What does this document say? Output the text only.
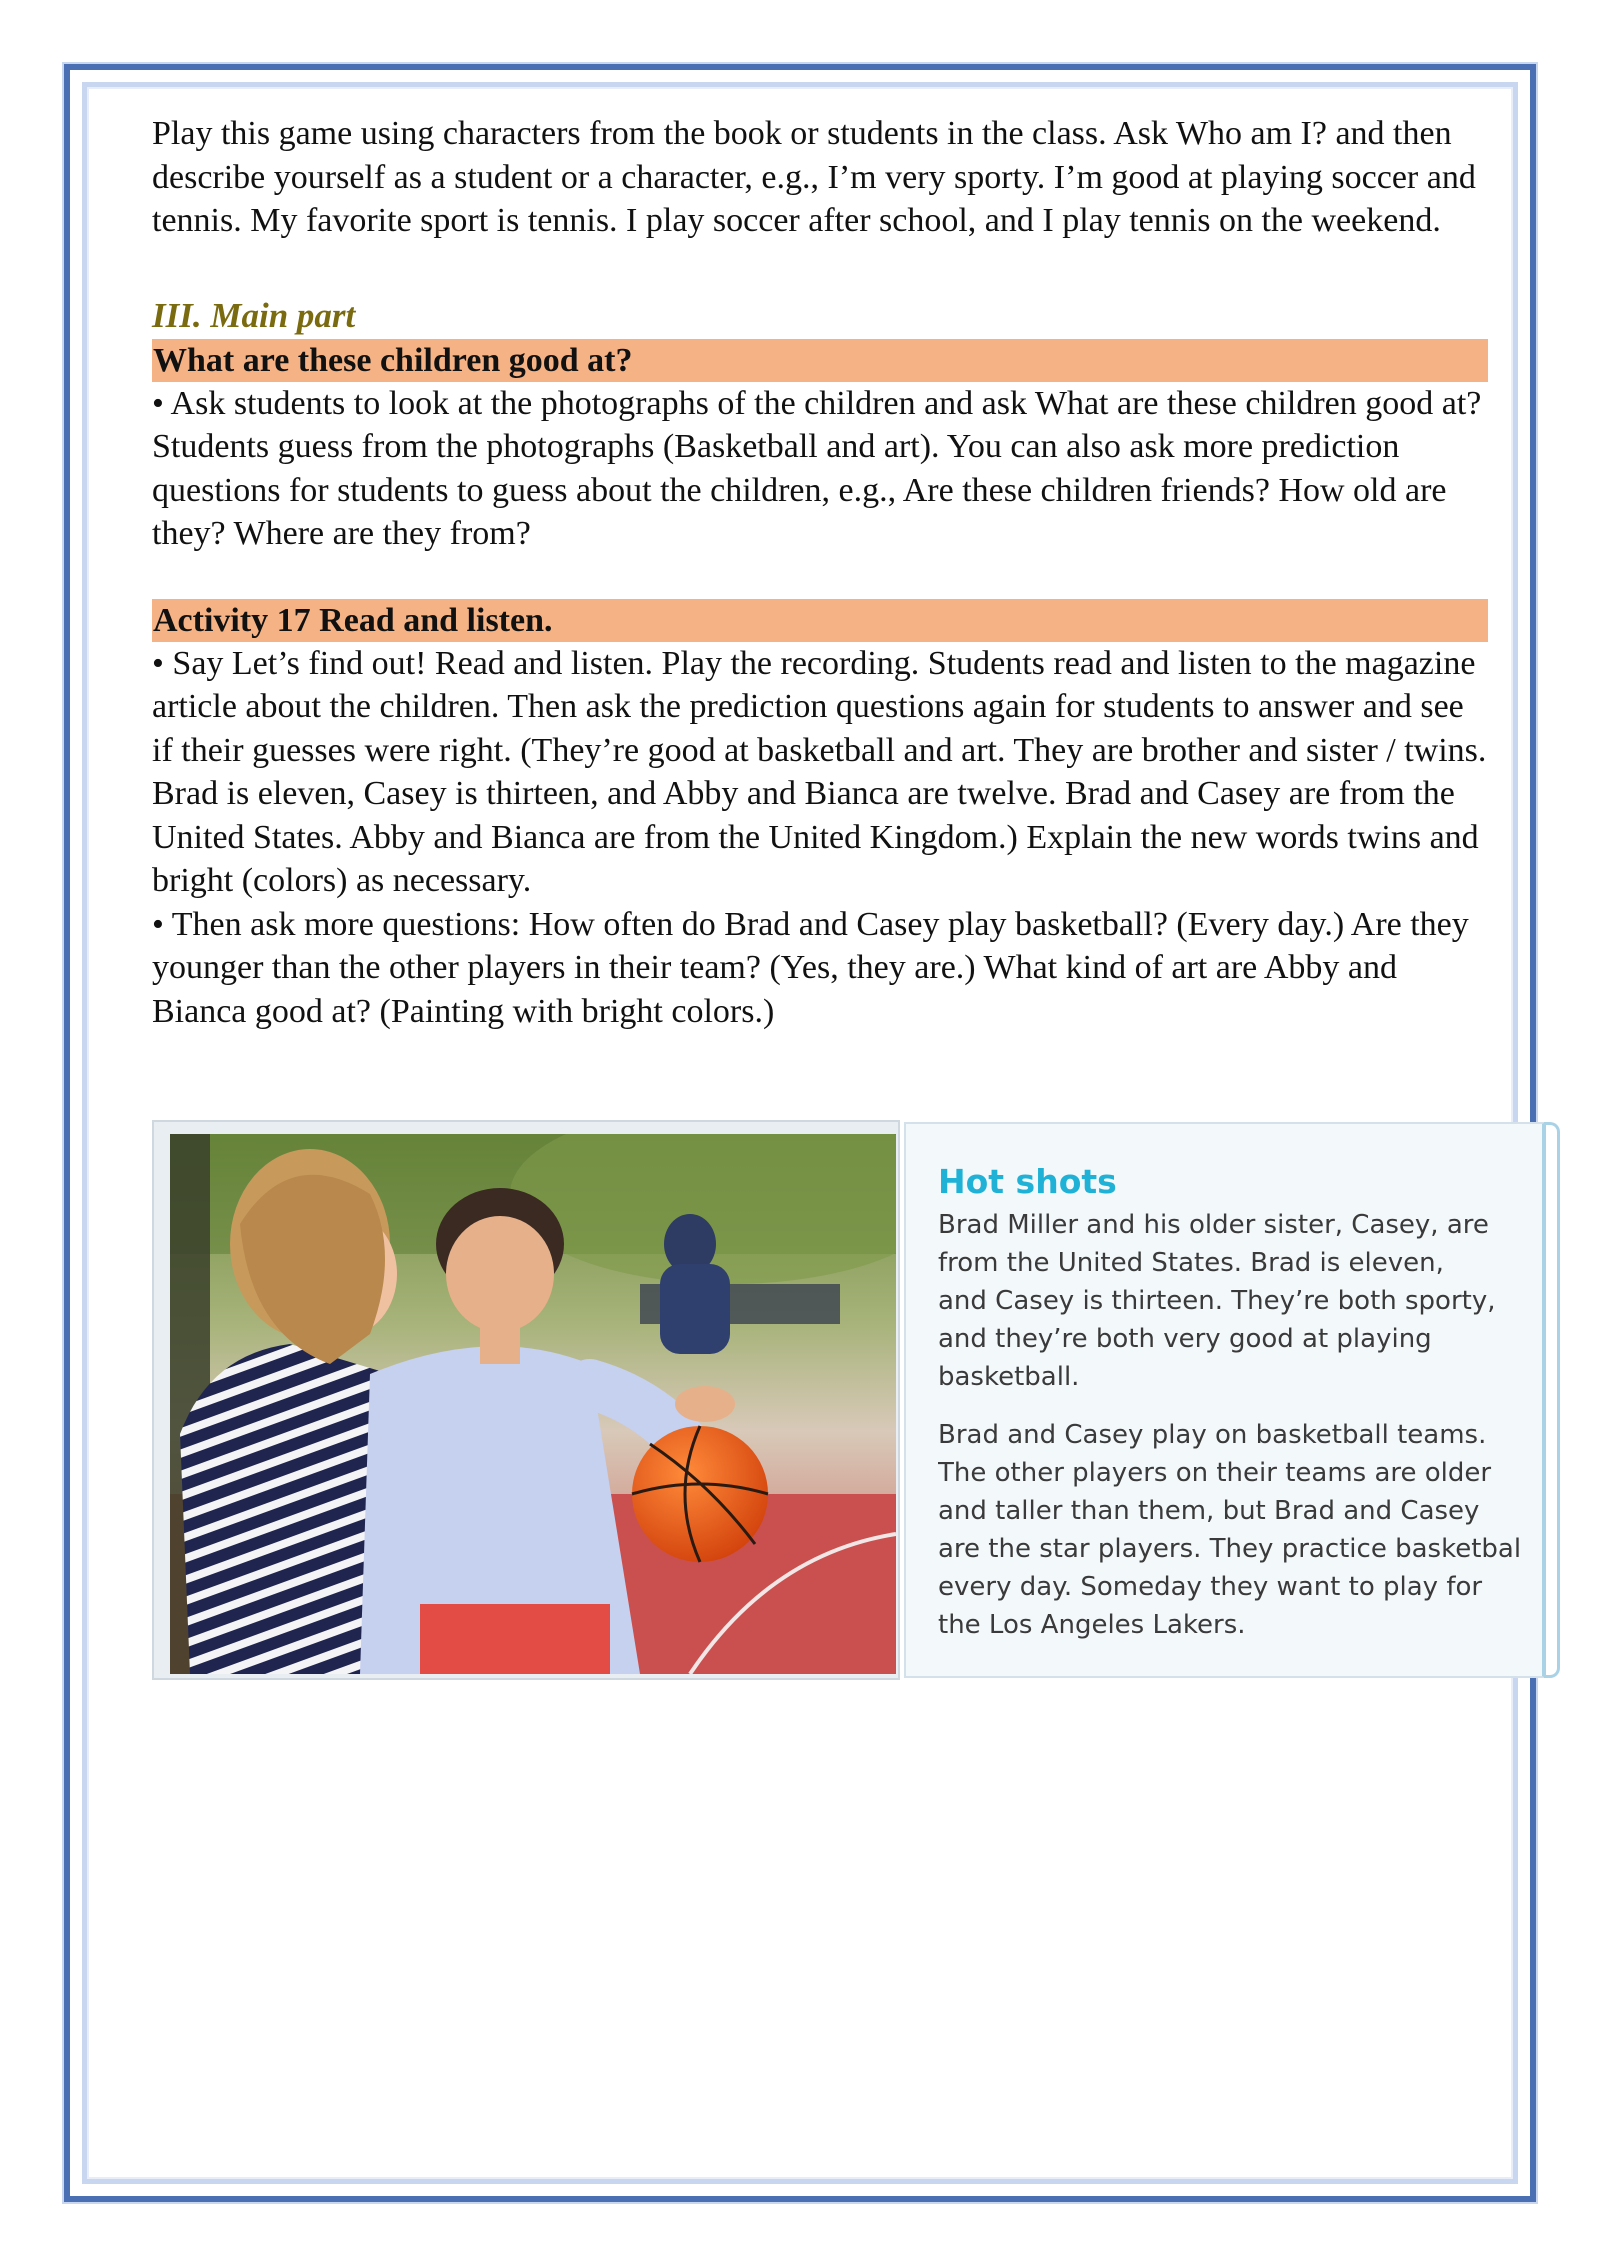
Play this game using characters from the book or students in the class. Ask Who am I? and then describe yourself as a student or a character, e.g., I’m very sporty. I’m good at playing soccer and tennis. My favorite sport is tennis. I play soccer after school, and I play tennis on the weekend.

III. Main part

What are these children good at?

• Ask students to look at the photographs of the children and ask What are these children good at? Students guess from the photographs (Basketball and art). You can also ask more prediction questions for students to guess about the children, e.g., Are these children friends? How old are they? Where are they from?

Activity 17 Read and listen.

• Say Let’s find out! Read and listen. Play the recording. Students read and listen to the magazine article about the children. Then ask the prediction questions again for students to answer and see if their guesses were right. (They’re good at basketball and art. They are brother and sister / twins. Brad is eleven, Casey is thirteen, and Abby and Bianca are twelve. Brad and Casey are from the United States. Abby and Bianca are from the United Kingdom.) Explain the new words twins and bright (colors) as necessary.

• Then ask more questions: How often do Brad and Casey play basketball? (Every day.) Are they younger than the other players in their team? (Yes, they are.) What kind of art are Abby and Bianca good at? (Painting with bright colors.)

Hot shots

Brad Miller and his older sister, Casey, are
from the United States. Brad is eleven,
and Casey is thirteen. They’re both sporty,
and they’re both very good at playing
basketball.
Brad and Casey play on basketball teams.
The other players on their teams are older
and taller than them, but Brad and Casey
are the star players. They practice basketbal
every day. Someday they want to play for
the Los Angeles Lakers.
